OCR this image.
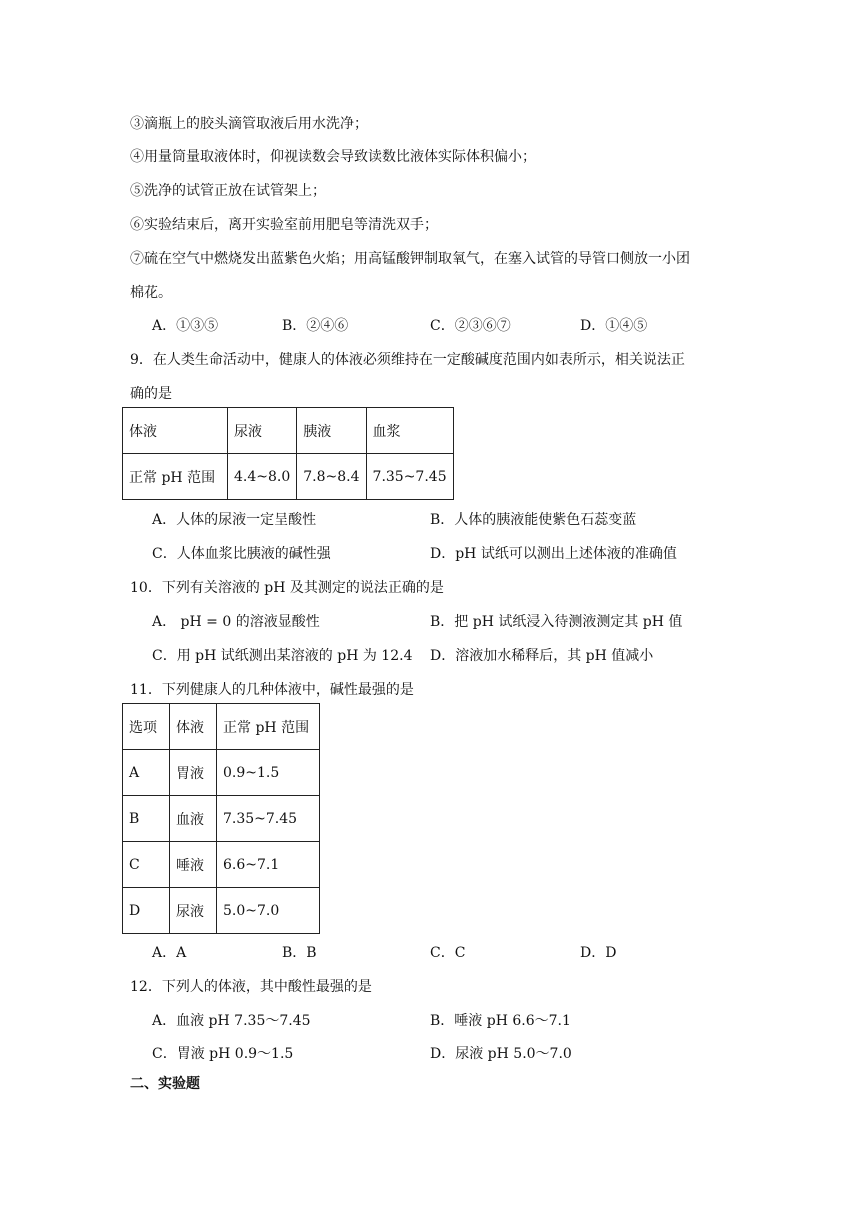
③滴瓶上的胶头滴管取液后用水洗净；
④用量筒量取液体时，仰视读数会导致读数比液体实际体积偏小；
⑤洗净的试管正放在试管架上；
⑥实验结束后，离开实验室前用肥皂等清洗双手；
⑦硫在空气中燃烧发出蓝紫色火焰；用高锰酸钾制取氧气，在塞入试管的导管口侧放一小团
棉花。
A．①③⑤	B．②④⑥	C．②③⑥⑦	D．①④⑤
9．在人类生命活动中，健康人的体液必须维持在一定酸碱度范围内如表所示，相关说法正
确的是
体液	尿液	胰液	血浆
正常 pH 范围	4.4~8.0	7.8~8.4	7.35~7.45
A．人体的尿液一定呈酸性	B．人体的胰液能使紫色石蕊变蓝
C．人体血浆比胰液的碱性强	D．pH 试纸可以测出上述体液的准确值
10．下列有关溶液的 pH 及其测定的说法正确的是
A． pH = 0 的溶液显酸性	B．把 pH 试纸浸入待测液测定其 pH 值
C．用 pH 试纸测出某溶液的 pH 为 12.4 D．溶液加水稀释后，其 pH 值减小
11．下列健康人的几种体液中，碱性最强的是
选项	体液	正常 pH 范围
A	胃液	0.9~1.5
B	血液	7.35~7.45
C	唾液	6.6~7.1
D	尿液	5.0~7.0
A．A	B．B	C．C	D．D
12．下列人的体液，其中酸性最强的是
A．血液 pH 7.35～7.45	B．唾液 pH 6.6～7.1
C．胃液 pH 0.9～1.5	D．尿液 pH 5.0～7.0
二、实验题
